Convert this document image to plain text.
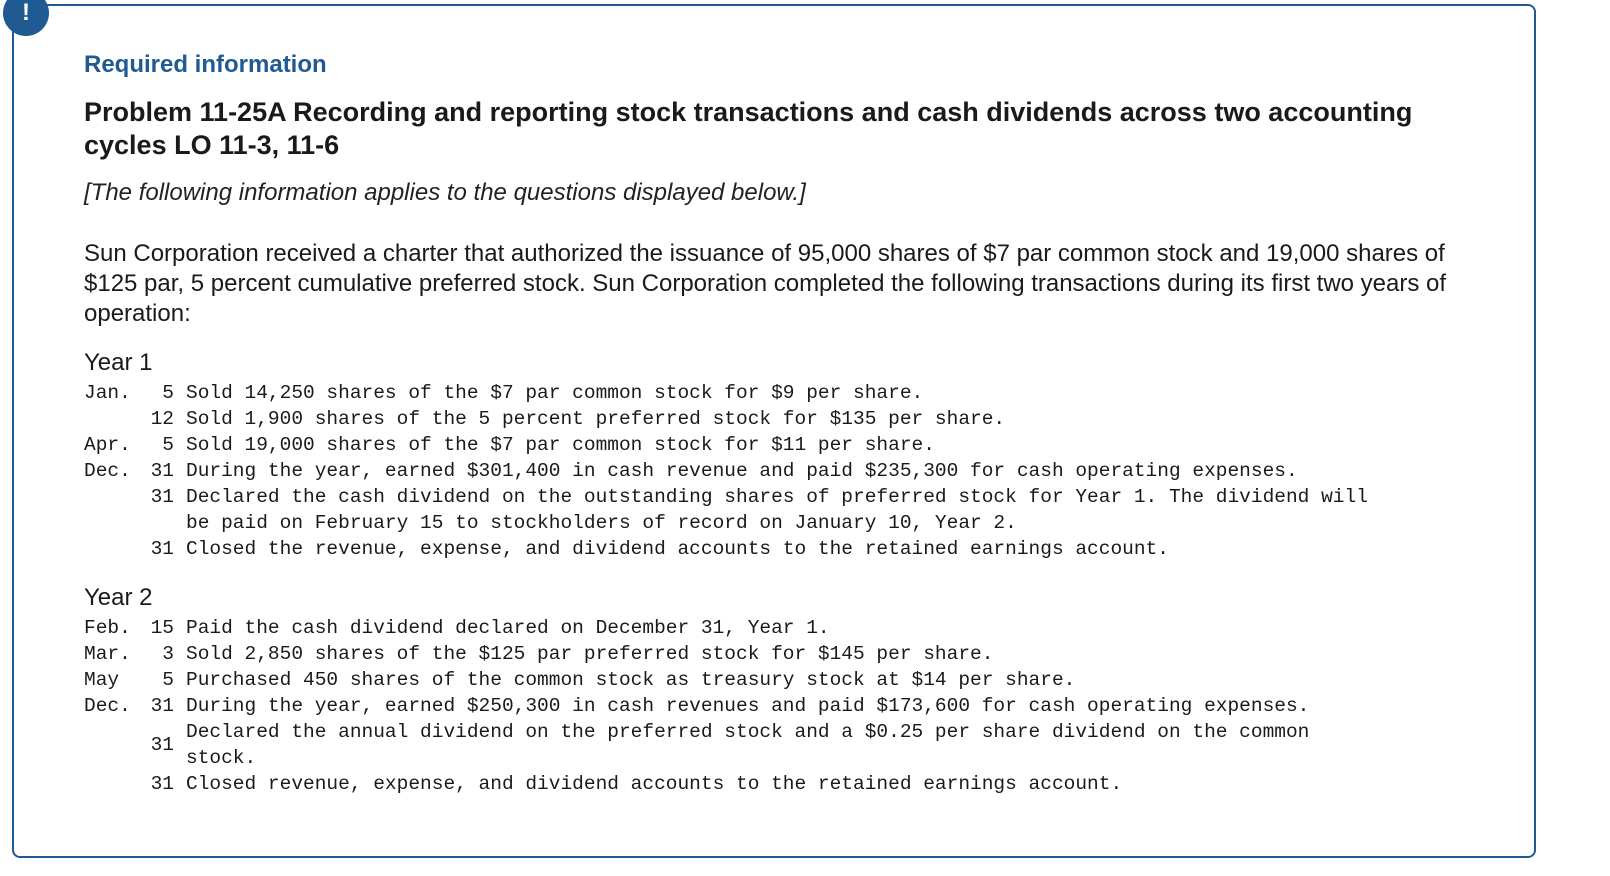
!
Required information
Problem 11-25A Recording and reporting stock transactions and cash dividends across two accounting cycles LO 11-3, 11-6
[The following information applies to the questions displayed below.]
Sun Corporation received a charter that authorized the issuance of 95,000 shares of $7 par common stock and 19,000 shares of $125 par, 5 percent cumulative preferred stock. Sun Corporation completed the following transactions during its first two years of operation:
Year 1
Jan.	5	Sold 14,250 shares of the $7 par common stock for $9 per share.
	12	Sold 1,900 shares of the 5 percent preferred stock for $135 per share.
Apr.	5	Sold 19,000 shares of the $7 par common stock for $11 per share.
Dec.	31	During the year, earned $301,400 in cash revenue and paid $235,300 for cash operating expenses.
	31	Declared the cash dividend on the outstanding shares of preferred stock for Year 1. The dividend will be paid on February 15 to stockholders of record on January 10, Year 2.
	31	Closed the revenue, expense, and dividend accounts to the retained earnings account.
Year 2
Feb.	15	Paid the cash dividend declared on December 31, Year 1.
Mar.	3	Sold 2,850 shares of the $125 par preferred stock for $145 per share.
May	5	Purchased 450 shares of the common stock as treasury stock at $14 per share.
Dec.	31	During the year, earned $250,300 in cash revenues and paid $173,600 for cash operating expenses.
	31	Declared the annual dividend on the preferred stock and a $0.25 per share dividend on the common stock.
	31	Closed revenue, expense, and dividend accounts to the retained earnings account.
